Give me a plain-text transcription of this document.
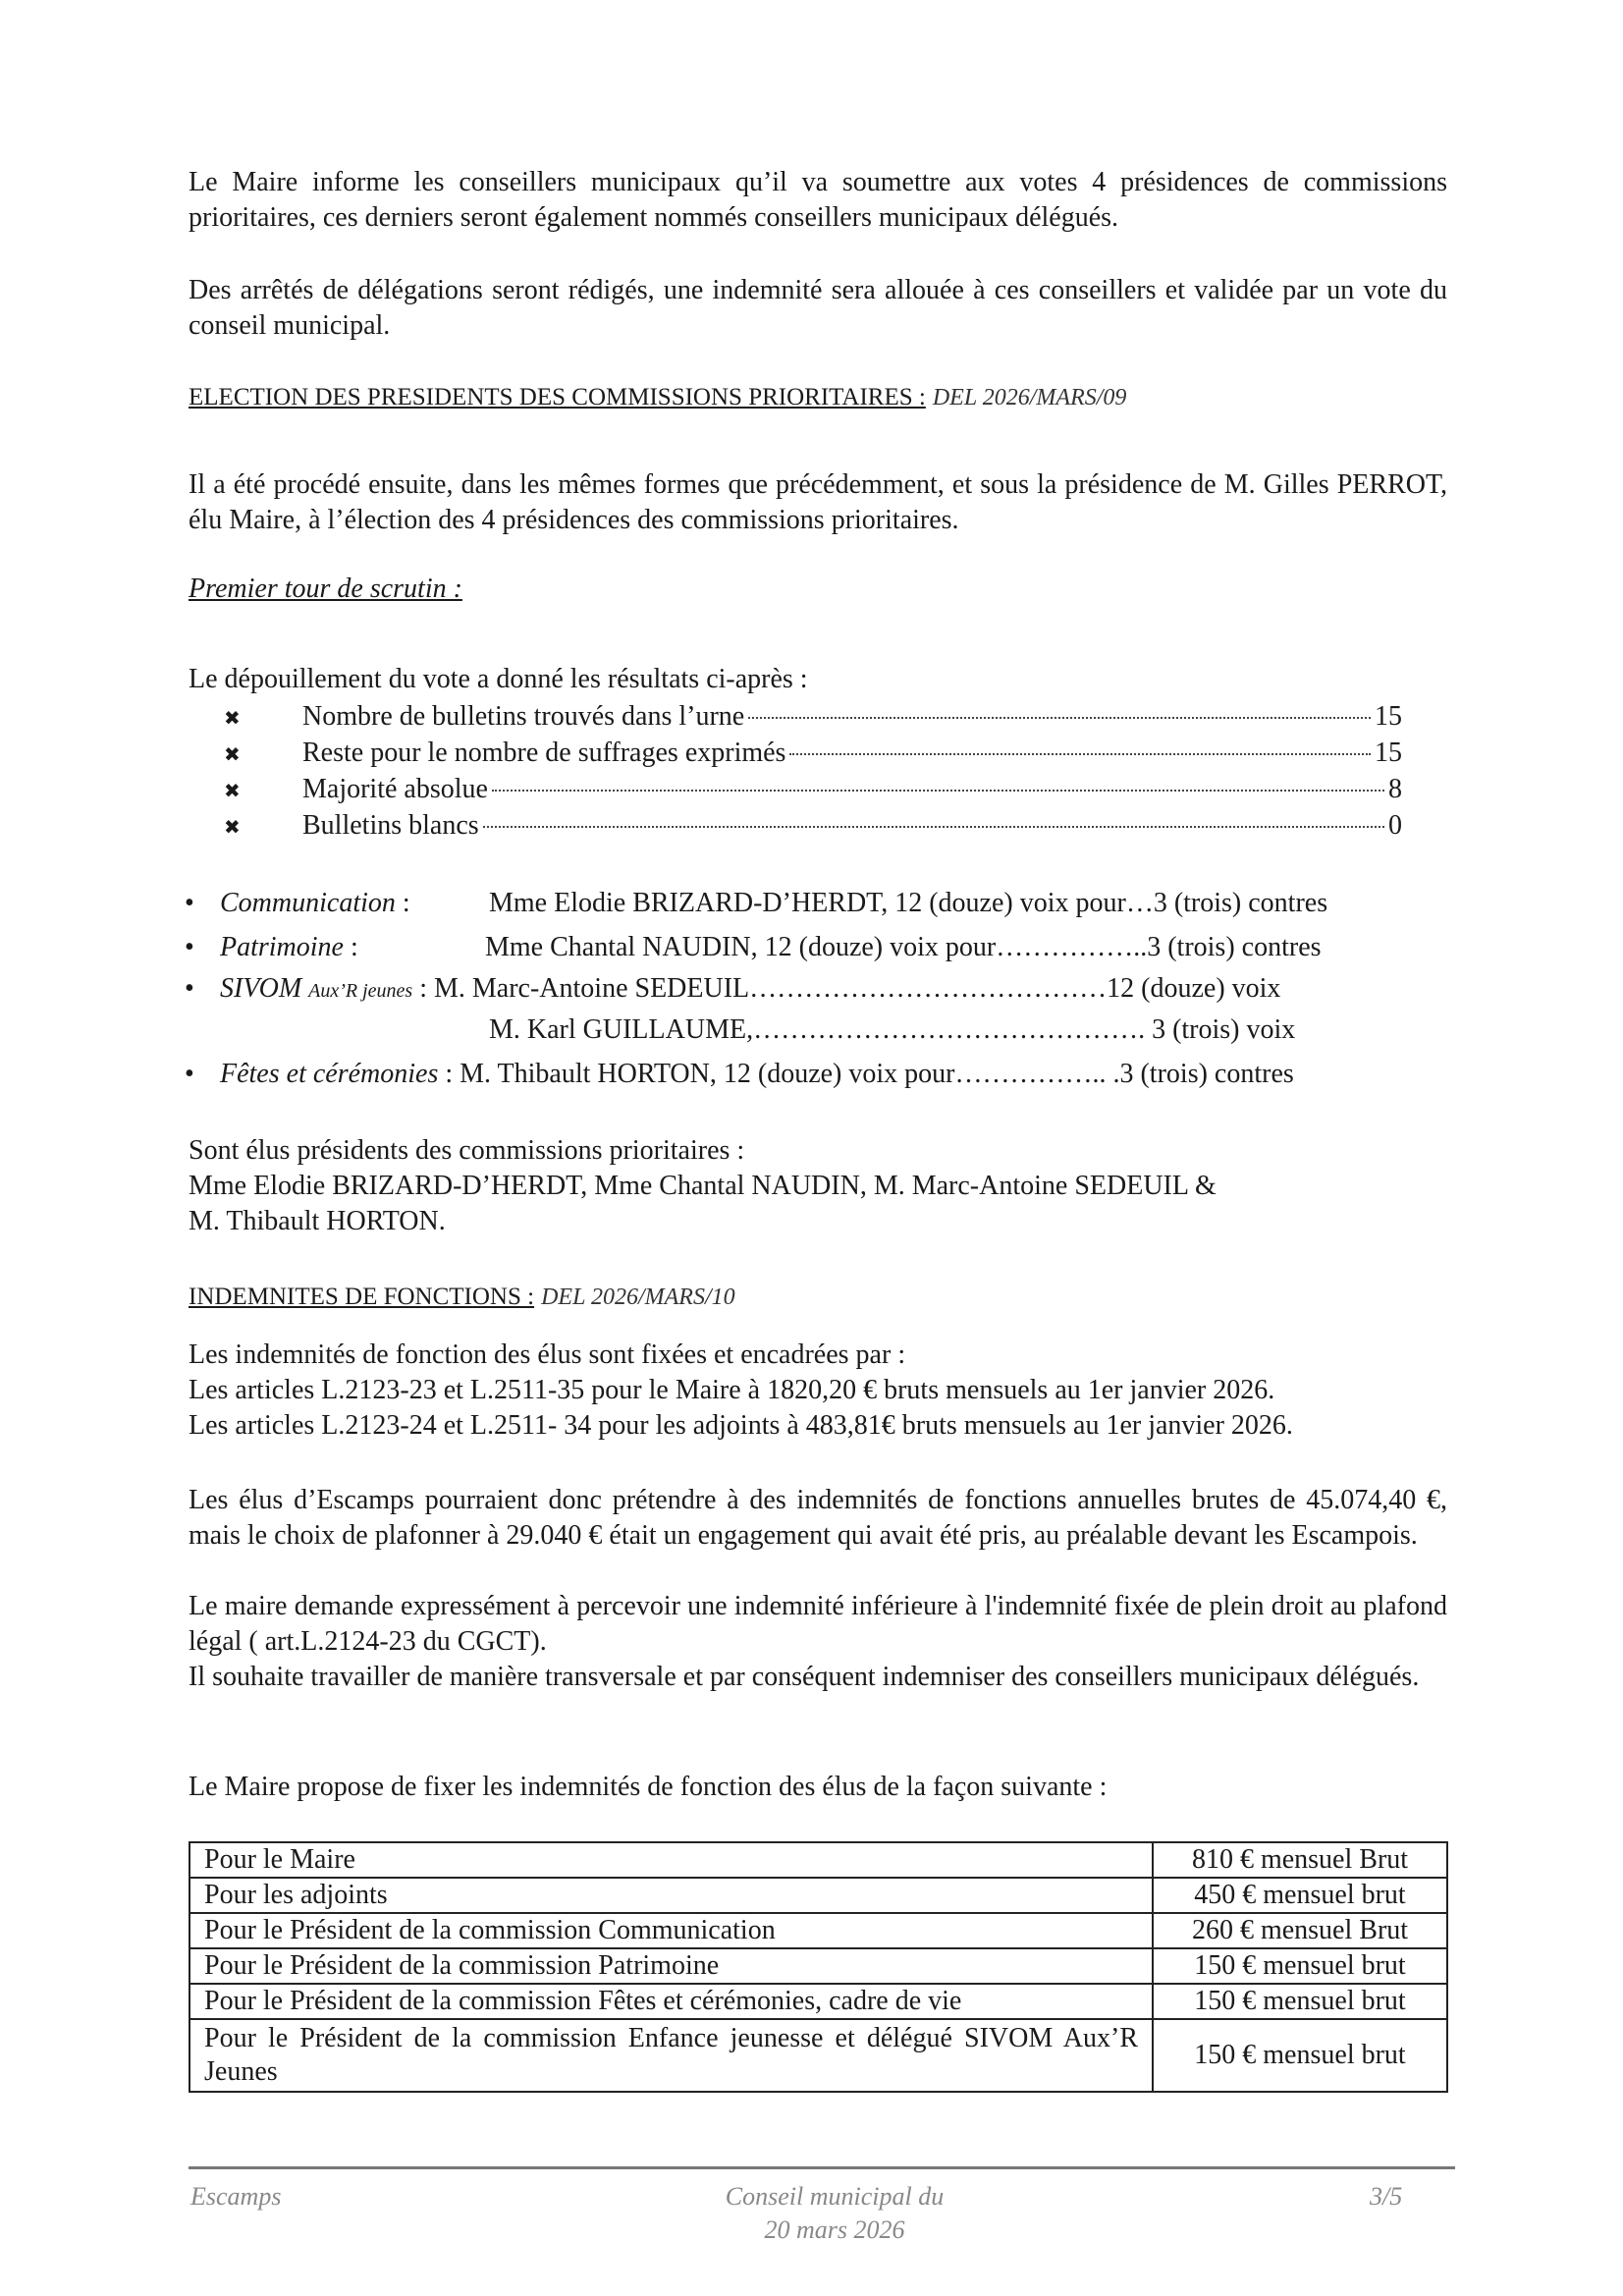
Le Maire informe les conseillers municipaux qu’il va soumettre aux votes 4 présidences de commissions prioritaires, ces derniers seront également nommés conseillers municipaux délégués.
Des arrêtés de délégations seront rédigés, une indemnité sera allouée à ces conseillers et validée par un vote du conseil municipal.
ELECTION DES PRESIDENTS DES COMMISSIONS PRIORITAIRES : DEL 2026/MARS/09
Il a été procédé ensuite, dans les mêmes formes que précédemment, et sous la présidence de M. Gilles PERROT, élu Maire, à l’élection des 4 présidences des commissions prioritaires.
Premier tour de scrutin :
Le dépouillement du vote a donné les résultats ci-après :
✖	Nombre de bulletins trouvés dans l’urne	15
✖	Reste pour le nombre de suffrages exprimés	15
✖	Majorité absolue	8
✖	Bulletins blancs	0
• Communication :	Mme Elodie BRIZARD-D’HERDT, 12 (douze) voix pour…3 (trois) contres
• Patrimoine :	Mme Chantal NAUDIN, 12 (douze) voix pour……………..3 (trois) contres
• SIVOM Aux’R jeunes : M. Marc-Antoine SEDEUIL…………………………………12 (douze) voix
M. Karl GUILLAUME,……………………………………. 3 (trois) voix
• Fêtes et cérémonies : M. Thibault HORTON, 12 (douze) voix pour…………….. .3 (trois) contres
Sont élus présidents des commissions prioritaires :
Mme Elodie BRIZARD-D’HERDT, Mme Chantal NAUDIN, M. Marc-Antoine SEDEUIL &
M. Thibault HORTON.
INDEMNITES DE FONCTIONS : DEL 2026/MARS/10
Les indemnités de fonction des élus sont fixées et encadrées par :
Les articles L.2123-23 et L.2511-35 pour le Maire à 1820,20 € bruts mensuels au 1er janvier 2026.
Les articles L.2123-24 et L.2511- 34 pour les adjoints à 483,81€ bruts mensuels au 1er janvier 2026.
Les élus d’Escamps pourraient donc prétendre à des indemnités de fonctions annuelles brutes de 45.074,40 €, mais le choix de plafonner à 29.040 € était un engagement qui avait été pris, au préalable devant les Escampois.
Le maire demande expressément à percevoir une indemnité inférieure à l'indemnité fixée de plein droit au plafond légal ( art.L.2124-23 du CGCT).
Il souhaite travailler de manière transversale et par conséquent indemniser des conseillers municipaux délégués.
Le Maire propose de fixer les indemnités de fonction des élus de la façon suivante :
Pour le Maire	810 € mensuel Brut
Pour les adjoints	450 € mensuel brut
Pour le Président de la commission Communication	260 € mensuel Brut
Pour le Président de la commission Patrimoine	150 € mensuel brut
Pour le Président de la commission Fêtes et cérémonies, cadre de vie	150 € mensuel brut
Pour le Président de la commission Enfance jeunesse et délégué SIVOM Aux’R Jeunes	150 € mensuel brut
Escamps	Conseil municipal du
20 mars 2026
3/5
